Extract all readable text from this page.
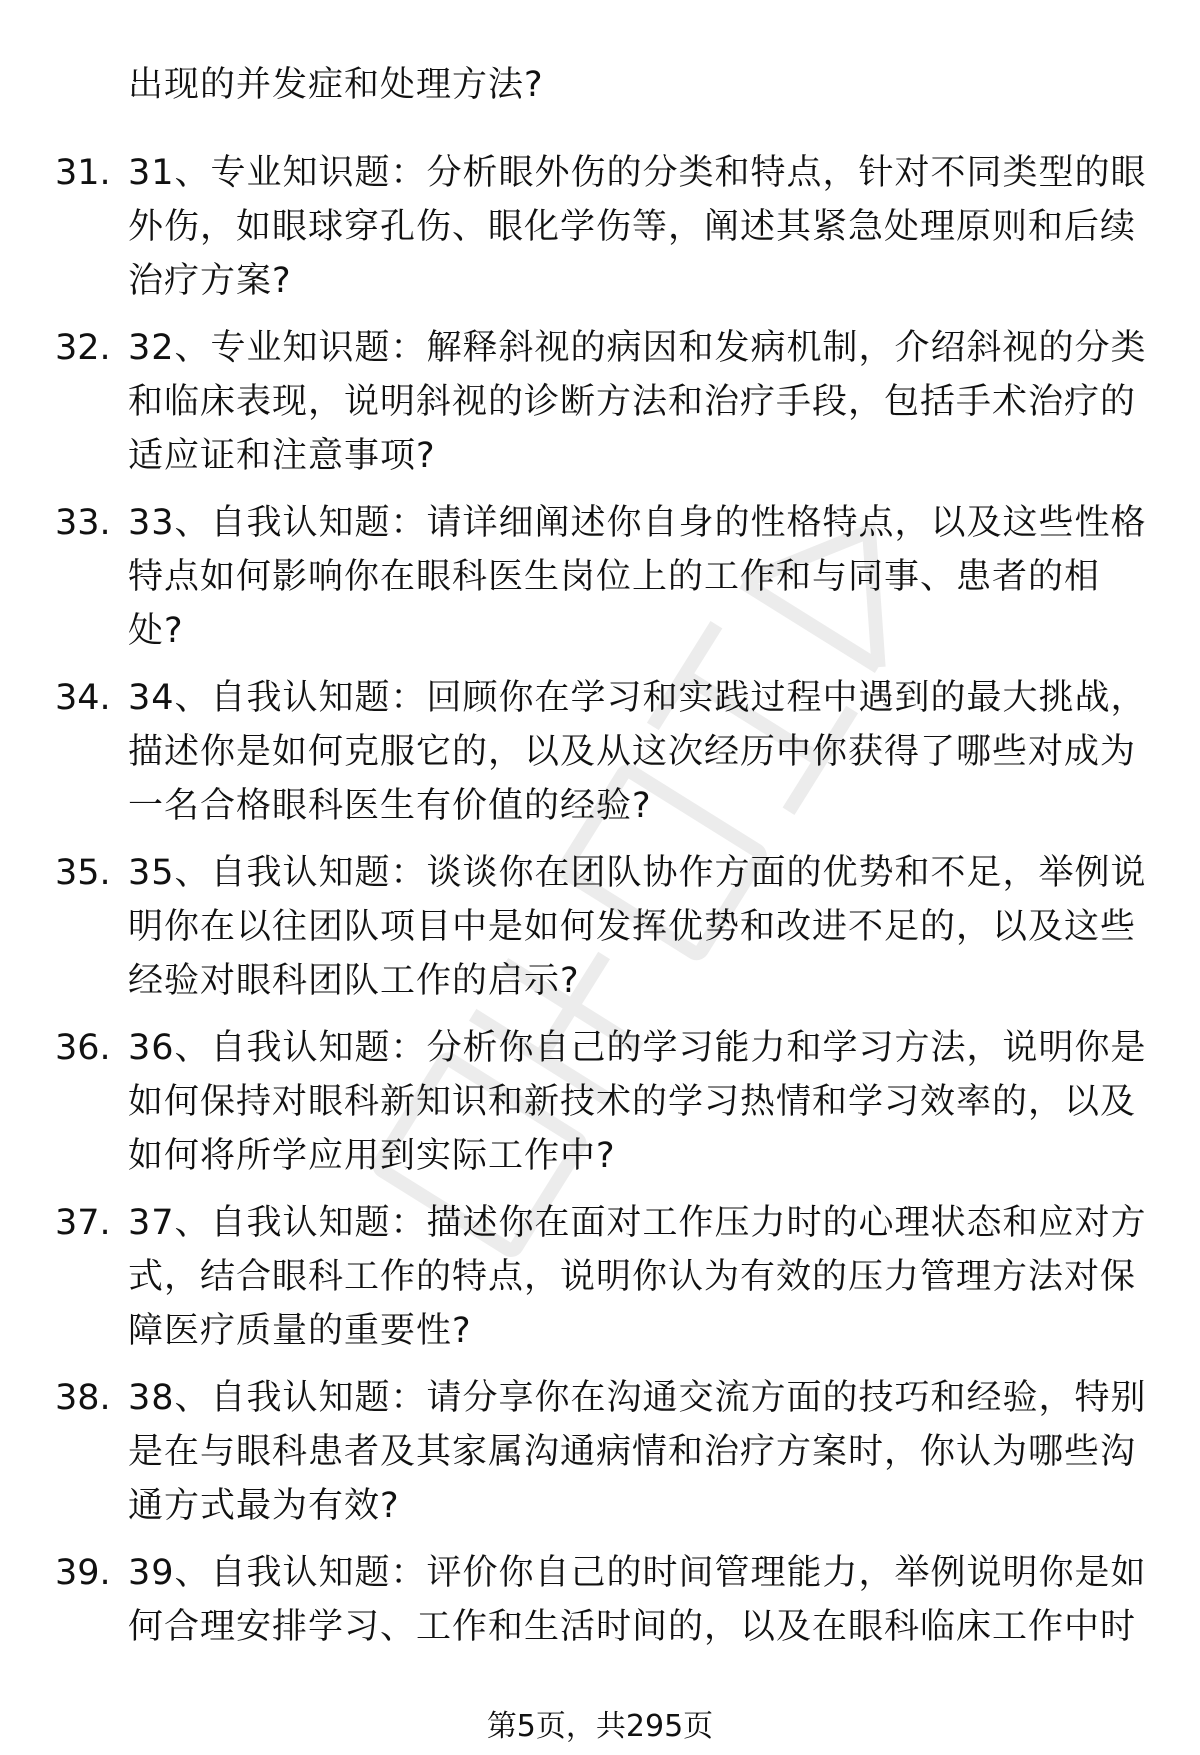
出现的并发症和处理方法?
31. 31、专业知识题：分析眼外伤的分类和特点，针对不同类型的眼
外伤，如眼球穿孔伤、眼化学伤等，阐述其紧急处理原则和后续
治疗方案?
32. 32、专业知识题：解释斜视的病因和发病机制，介绍斜视的分类
和临床表现，说明斜视的诊断方法和治疗手段，包括手术治疗的
适应证和注意事项?
33. 33、自我认知题：请详细阐述你自身的性格特点，以及这些性格
特点如何影响你在眼科医生岗位上的工作和与同事、患者的相
处?
34. 34、自我认知题：回顾你在学习和实践过程中遇到的最大挑战，
描述你是如何克服它的，以及从这次经历中你获得了哪些对成为
一名合格眼科医生有价值的经验?
35. 35、自我认知题：谈谈你在团队协作方面的优势和不足，举例说
明你在以往团队项目中是如何发挥优势和改进不足的，以及这些
经验对眼科团队工作的启示?
36. 36、自我认知题：分析你自己的学习能力和学习方法，说明你是
如何保持对眼科新知识和新技术的学习热情和学习效率的，以及
如何将所学应用到实际工作中?
37. 37、自我认知题：描述你在面对工作压力时的心理状态和应对方
式，结合眼科工作的特点，说明你认为有效的压力管理方法对保
障医疗质量的重要性?
38. 38、自我认知题：请分享你在沟通交流方面的技巧和经验，特别
是在与眼科患者及其家属沟通病情和治疗方案时，你认为哪些沟
通方式最为有效?
39. 39、自我认知题：评价你自己的时间管理能力，举例说明你是如
何合理安排学习、工作和生活时间的，以及在眼科临床工作中时
第5页，共295页
